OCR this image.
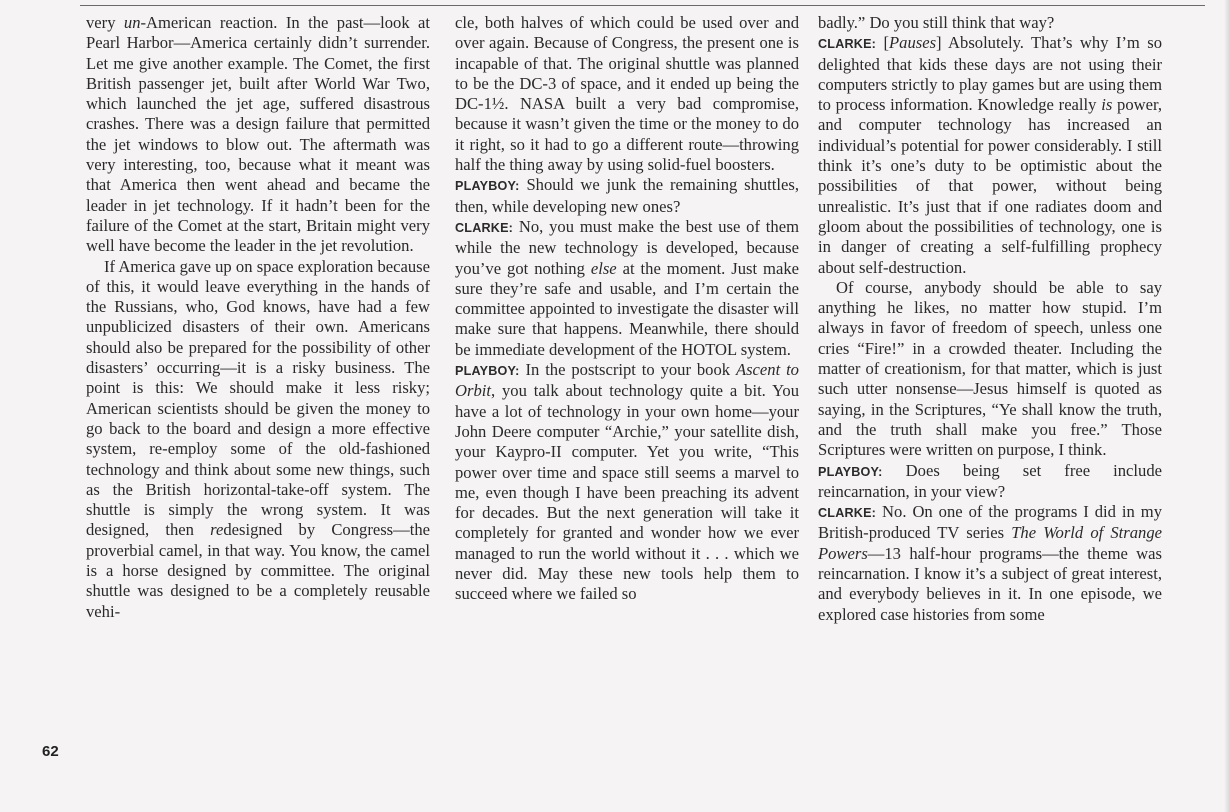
very un-American reaction. In the past—look at Pearl Harbor—America certainly didn’t surrender. Let me give another example. The Comet, the first British passenger jet, built after World War Two, which launched the jet age, suffered disastrous crashes. There was a design failure that permitted the jet windows to blow out. The aftermath was very interesting, too, because what it meant was that America then went ahead and became the leader in jet technology. If it hadn’t been for the failure of the Comet at the start, Britain might very well have become the leader in the jet revolution.

If America gave up on space exploration because of this, it would leave everything in the hands of the Russians, who, God knows, have had a few unpublicized disasters of their own. Americans should also be prepared for the possibility of other disasters’ occurring—it is a risky business. The point is this: We should make it less risky; American scientists should be given the money to go back to the board and design a more effective system, re-employ some of the old-fashioned technology and think about some new things, such as the British horizontal-take-off system. The shuttle is simply the wrong system. It was designed, then redesigned by Congress—the proverbial camel, in that way. You know, the camel is a horse designed by committee. The original shuttle was designed to be a completely reusable vehi-

cle, both halves of which could be used over and over again. Because of Congress, the present one is incapable of that. The original shuttle was planned to be the DC-3 of space, and it ended up being the DC-1½. NASA built a very bad compromise, because it wasn’t given the time or the money to do it right, so it had to go a different route—throwing half the thing away by using solid-fuel boosters.

PLAYBOY: Should we junk the remaining shuttles, then, while developing new ones?

CLARKE: No, you must make the best use of them while the new technology is developed, because you’ve got nothing else at the moment. Just make sure they’re safe and usable, and I’m certain the committee appointed to investigate the disaster will make sure that happens. Meanwhile, there should be immediate development of the HOTOL system.

PLAYBOY: In the postscript to your book Ascent to Orbit, you talk about technology quite a bit. You have a lot of technology in your own home—your John Deere computer “Archie,” your satellite dish, your Kaypro-II computer. Yet you write, “This power over time and space still seems a marvel to me, even though I have been preaching its advent for decades. But the next generation will take it completely for granted and wonder how we ever managed to run the world without it . . . which we never did. May these new tools help them to succeed where we failed so

badly.” Do you still think that way?

CLARKE: [Pauses] Absolutely. That’s why I’m so delighted that kids these days are not using their computers strictly to play games but are using them to process information. Knowledge really is power, and computer technology has increased an individual’s potential for power considerably. I still think it’s one’s duty to be optimistic about the possibilities of that power, without being unrealistic. It’s just that if one radiates doom and gloom about the possibilities of technology, one is in danger of creating a self-fulfilling prophecy about self-destruction.

Of course, anybody should be able to say anything he likes, no matter how stupid. I’m always in favor of freedom of speech, unless one cries “Fire!” in a crowded theater. Including the matter of creationism, for that matter, which is just such utter nonsense—Jesus himself is quoted as saying, in the Scriptures, “Ye shall know the truth, and the truth shall make you free.” Those Scriptures were written on purpose, I think.

PLAYBOY: Does being set free include reincarnation, in your view?

CLARKE: No. On one of the programs I did in my British-produced TV series The World of Strange Powers—13 half-hour programs—the theme was reincarnation. I know it’s a subject of great interest, and everybody believes in it. In one episode, we explored case histories from some

62
